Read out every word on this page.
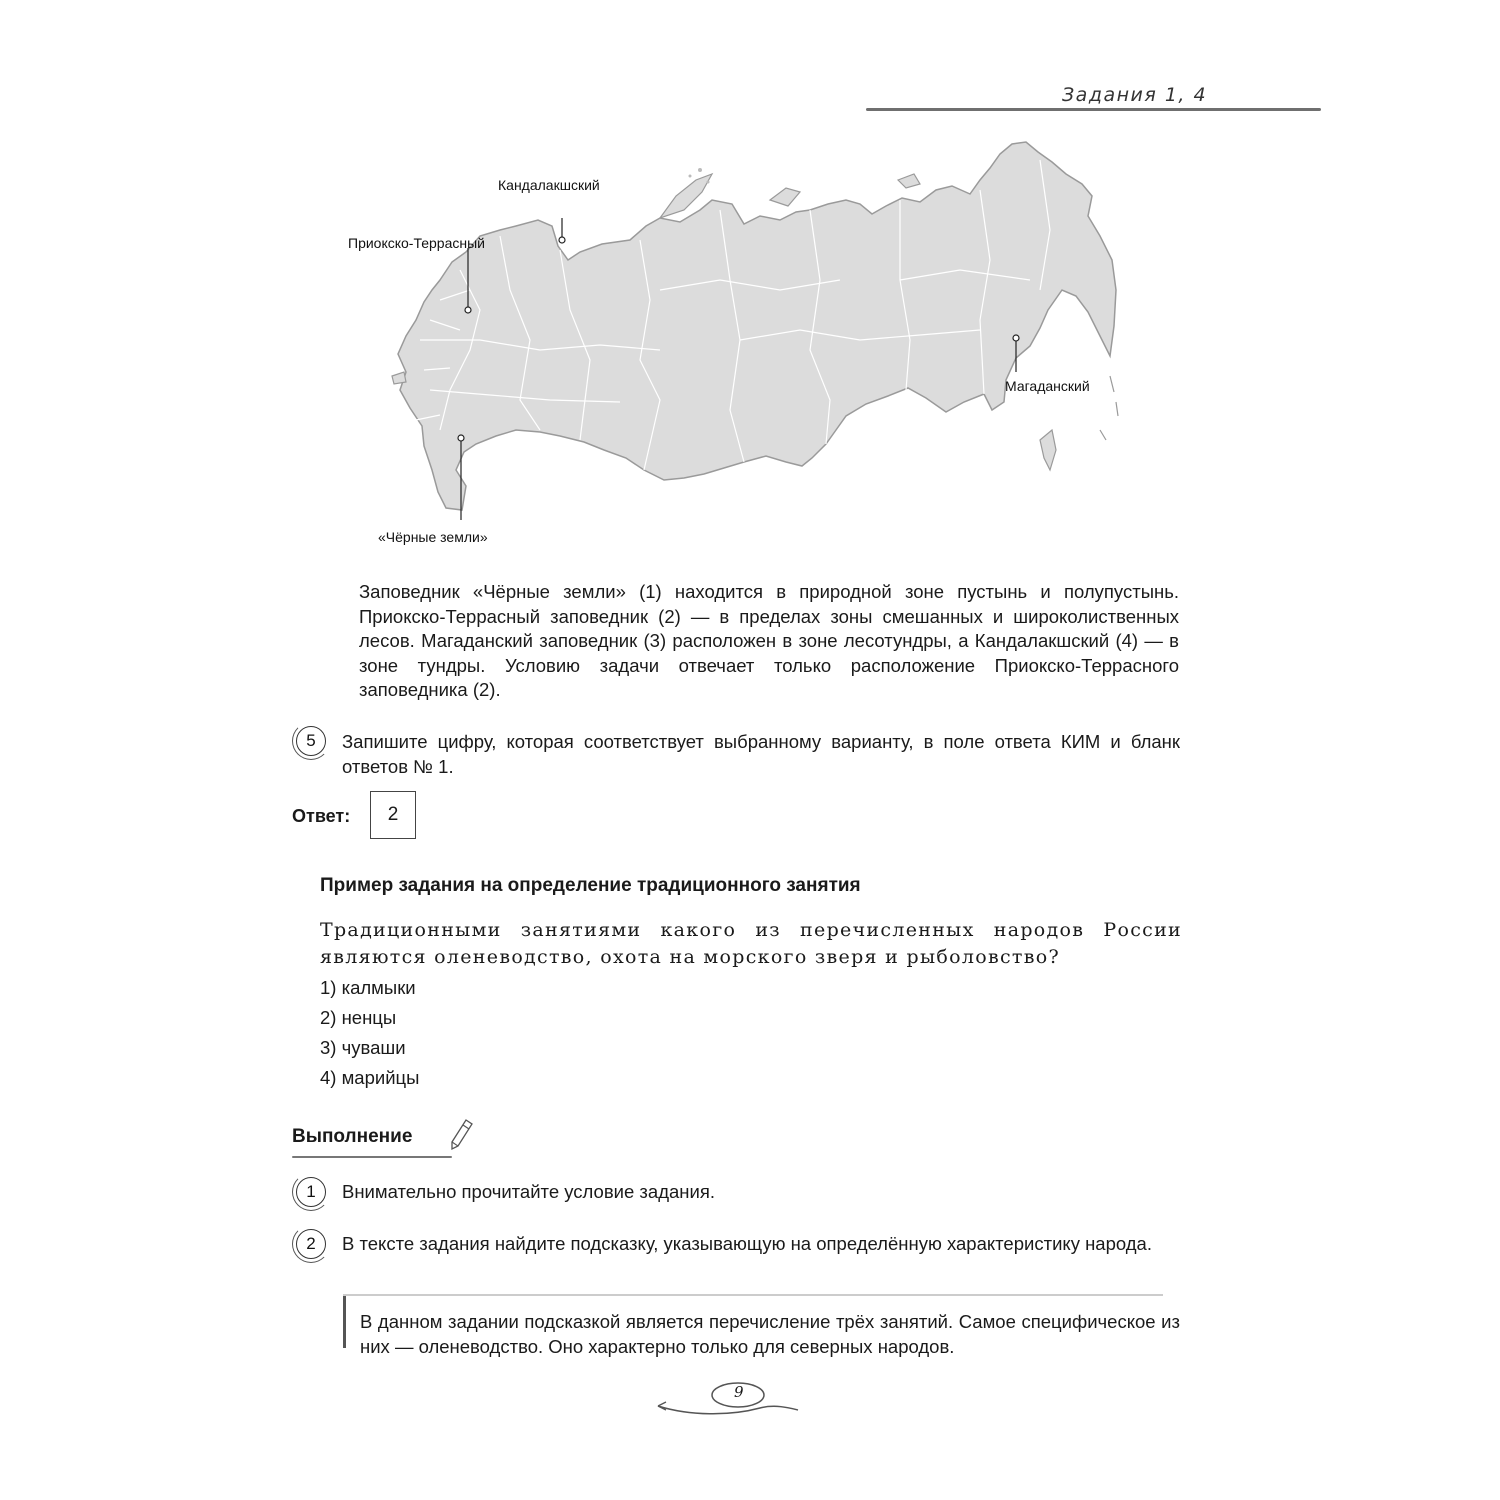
Задания 1, 4
Кандалакшский
Приокско-Террасный
Магаданский
«Чёрные земли»
Заповедник «Чёрные земли» (1) находится в природной зоне пустынь и полупустынь. Приокско-Террасный заповедник (2) — в пределах зоны смешанных и широколиственных лесов. Магаданский заповедник (3) расположен в зоне лесотундры, а Кандалакшский (4) — в зоне тундры. Условию задачи отвечает только расположение Приокско-Террасного заповедника (2).
5	Запишите цифру, которая соответствует выбранному варианту, в поле ответа КИМ и бланк ответов № 1.
Ответ:	2
Пример задания на определение традиционного занятия
Традиционными занятиями какого из перечисленных народов России являются оленеводство, охота на морского зверя и рыболовство?
1) калмыки
2) ненцы
3) чуваши
4) марийцы
Выполнение
1	Внимательно прочитайте условие задания.
2	В тексте задания найдите подсказку, указывающую на определённую характеристику народа.
В данном задании подсказкой является перечисление трёх занятий. Самое специфическое из них — оленеводство. Оно характерно только для северных народов.
9
